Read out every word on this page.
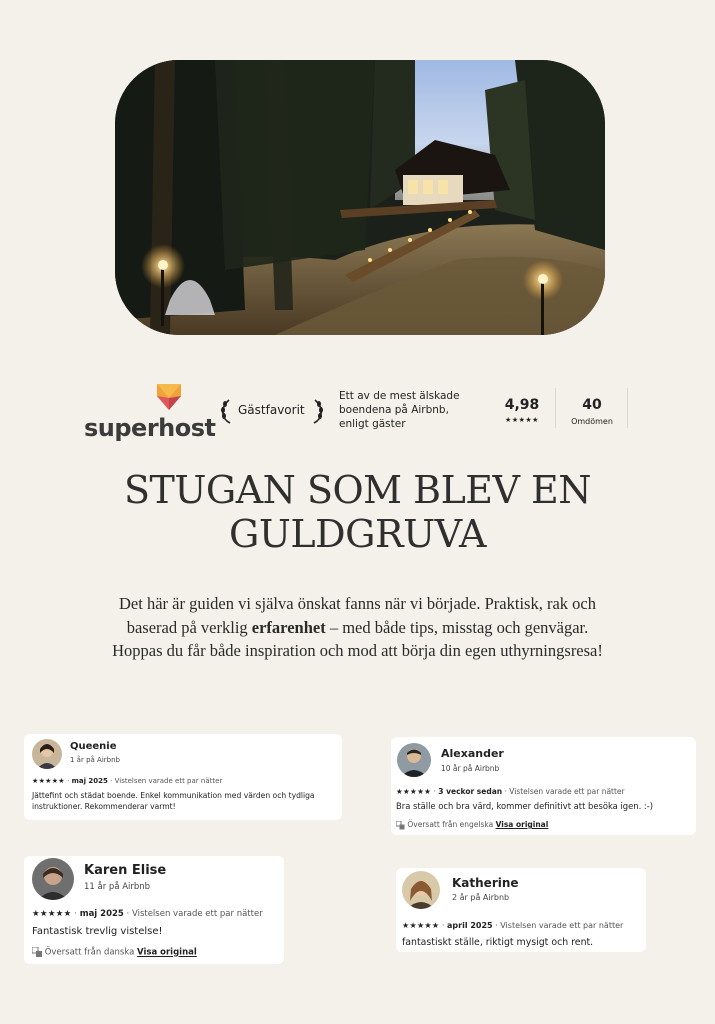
superhost
Gästfavorit
Ett av de mest älskade boendena på Airbnb, enligt gäster
4,98
★★★★★
40
Omdömen
STUGAN SOM BLEV EN
GULDGRUVA
Det här är guiden vi själva önskat fanns när vi började. Praktisk, rak och baserad på verklig erfarenhet – med både tips, misstag och genvägar. Hoppas du får både inspiration och mod att börja din egen uthyrningsresa!
Queenie
1 år på Airbnb
★★★★★ · maj 2025 · Vistelsen varade ett par nätter
Jättefint och städat boende. Enkel kommunikation med värden och tydliga instruktioner. Rekommenderar varmt!
Alexander
10 år på Airbnb
★★★★★ · 3 veckor sedan · Vistelsen varade ett par nätter
Bra ställe och bra värd, kommer definitivt att besöka igen. :-)
Översatt från engelska Visa original
Karen Elise
11 år på Airbnb
★★★★★ · maj 2025 · Vistelsen varade ett par nätter
Fantastisk trevlig vistelse!
Översatt från danska Visa original
Katherine
2 år på Airbnb
★★★★★ · april 2025 · Vistelsen varade ett par nätter
fantastiskt ställe, riktigt mysigt och rent.
